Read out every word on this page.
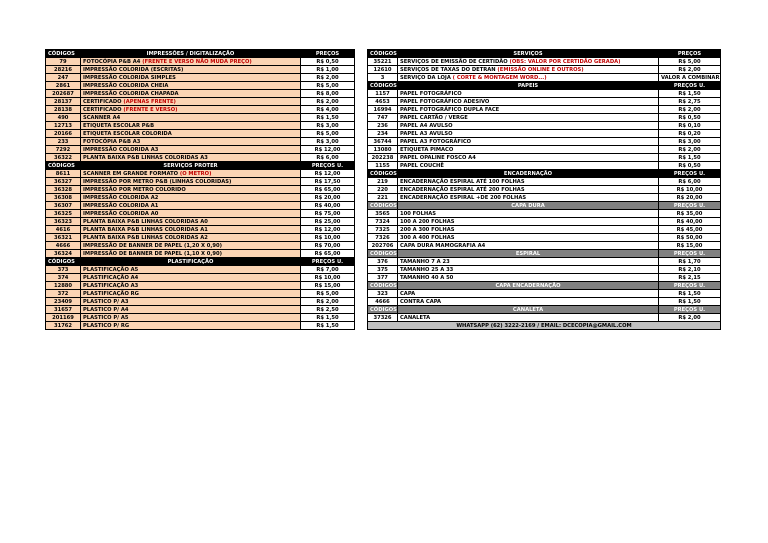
CÓDIGOS	IMPRESSÕES / DIGITALIZAÇÃO	PREÇOS
79	FOTOCÓPIA P&B A4 (FRENTE E VERSO NÃO MUDA PREÇO)	R$ 0,50
28216	IMPRESSÃO COLORIDA (ESCRITAS)	R$ 1,00
247	IMPRESSÃO COLORIDA SIMPLES	R$ 2,00
2861	IMPRESSÃO COLORIDA CHEIA	R$ 5,00
202687	IMPRESSÃO COLORIDA CHAPADA	R$ 8,00
28137	CERTIFICADO (APENAS FRENTE)	R$ 2,00
28138	CERTIFICADO (FRENTE E VERSO)	R$ 4,00
490	SCANNER A4	R$ 1,50
12713	ETIQUETA ESCOLAR P&B	R$ 3,00
20166	ETIQUETA ESCOLAR COLORIDA	R$ 5,00
233	FOTOCÓPIA P&B A3	R$ 3,00
7292	IMPRESSÃO COLORIDA A3	R$ 12,00
36322	PLANTA BAIXA P&B LINHAS COLORIDAS A3	R$ 6,00
CÓDIGOS	SERVIÇOS PROTER	PREÇOS U.
8611	SCANNER EM GRANDE FORMATO (O METRO)	R$ 12,00
36327	IMPRESSÃO POR METRO P&B (LINHAS COLORIDAS)	R$ 17,50
36328	IMPRESSÃO POR METRO COLORIDO	R$ 65,00
36308	IMPRESSÃO COLORIDA A2	R$ 20,00
36307	IMPRESSÃO COLORIDA A1	R$ 40,00
36325	IMPRESSÃO COLORIDA A0	R$ 75,00
36323	PLANTA BAIXA P&B LINHAS COLORIDAS A0	R$ 25,00
4616	PLANTA BAIXA P&B LINHAS COLORIDAS A1	R$ 12,00
36321	PLANTA BAIXA P&B LINHAS COLORIDAS A2	R$ 10,00
4666	IMPRESSÃO DE BANNER DE PAPEL (1,20 X 0,90)	R$ 70,00
36324	IMPRESSÃO DE BANNER DE PAPEL (1,10 X 0,90)	R$ 65,00
CÓDIGOS	PLASTIFICAÇÃO	PREÇOS U.
373	PLASTIFICAÇÃO A5	R$ 7,00
374	PLASTIFICAÇÃO A4	R$ 10,00
12880	PLASTIFICAÇÃO A3	R$ 15,00
372	PLASTIFICAÇÃO RG	R$ 5,00
23409	PLASTICO P/ A3	R$ 2,00
31657	PLASTICO P/ A4	R$ 2,50
201169	PLASTICO P/ A5	R$ 1,50
31762	PLASTICO P/ RG	R$ 1,50
CÓDIGOS	SERVIÇOS	PREÇOS
35221	SERVIÇOS DE EMISSÃO DE CERTIDÃO (OBS: VALOR POR CERTIDÃO GERADA)	R$ 5,00
12610	SERVIÇOS DE TAXAS DO DETRAN (EMISSÃO ONLINE E OUTROS)	R$ 2,00
3	SERVIÇO DA LOJA ( CORTE & MONTAGEM WORD...)	VALOR A COMBINAR
CÓDIGOS	PAPEIS	PREÇOS U.
1157	PAPEL FOTOGRÁFICO	R$ 1,50
4653	PAPEL FOTOGRÁFICO ADESIVO	R$ 2,75
16994	PAPEL FOTOGRÁFICO DUPLA FACE	R$ 2,00
747	PAPEL CARTÃO / VERGE	R$ 0,50
236	PAPEL A4 AVULSO	R$ 0,10
234	PAPEL A3 AVULSO	R$ 0,20
36744	PAPEL A3 FOTOGRÁFICO	R$ 3,00
13080	ETIQUETA PIMACO	R$ 2,00
202238	PAPEL OPALINE FOSCO A4	R$ 1,50
1155	PAPEL COUCHÊ	R$ 0,50
CÓDIGOS	ENCADERNAÇÃO	PREÇOS U.
219	ENCADERNAÇÃO ESPIRAL ATÉ 100 FOLHAS	R$ 6,00
220	ENCADERNAÇÃO ESPIRAL ATÉ 200 FOLHAS	R$ 10,00
221	ENCADERNAÇÃO ESPIRAL +DE 200 FOLHAS	R$ 20,00
CÓDIGOS	CAPA DURA	PREÇOS U.
3565	100 FOLHAS	R$ 35,00
7324	100 A 200 FOLHAS	R$ 40,00
7325	200 A 300 FOLHAS	R$ 45,00
7326	300 A 400 FOLHAS	R$ 50,00
202706	CAPA DURA MAMOGRAFIA A4	R$ 15,00
CÓDIGOS	ESPIRAL	PREÇOS U.
376	TAMANHO 7 A 23	R$ 1,70
375	TAMANHO 25 A 33	R$ 2,10
377	TAMANHO 40 A 50	R$ 2,15
CÓDIGOS	CAPA ENCADERNAÇÃO	PREÇOS U.
323	CAPA	R$ 1,50
4666	CONTRA CAPA	R$ 1,50
CÓDIGOS	CANALETA	PREÇOS U.
37326	CANALETA	R$ 2,00
WHATSAPP (62) 3222-2169 / EMAIL: DCECOPIA@GMAIL.COM		
